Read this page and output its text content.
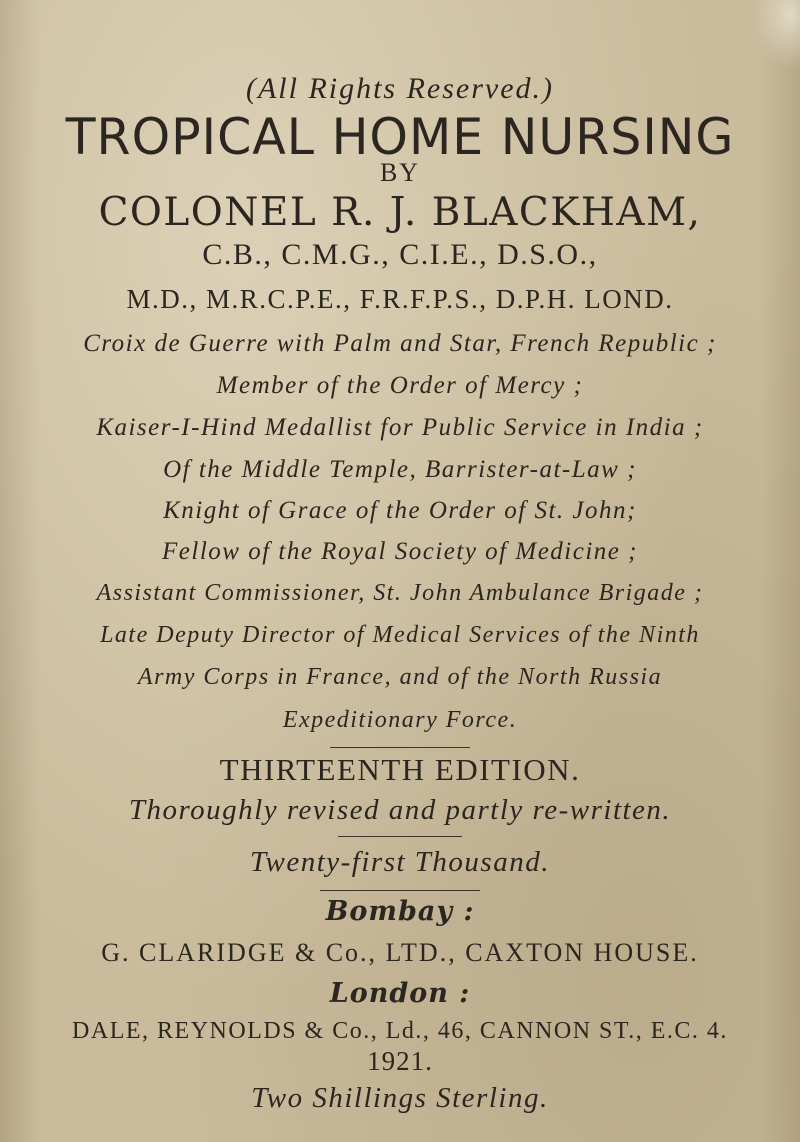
(All Rights Reserved.)
TROPICAL HOME NURSING
BY
COLONEL R. J. BLACKHAM,
C.B., C.M.G., C.I.E., D.S.O.,
M.D., M.R.C.P.E., F.R.F.P.S., D.P.H. LOND.
Croix de Guerre with Palm and Star, French Republic ;
Member of the Order of Mercy ;
Kaiser-I-Hind Medallist for Public Service in India ;
Of the Middle Temple, Barrister-at-Law ;
Knight of Grace of the Order of St. John;
Fellow of the Royal Society of Medicine ;
Assistant Commissioner, St. John Ambulance Brigade ;
Late Deputy Director of Medical Services of the Ninth
Army Corps in France, and of the North Russia
Expeditionary Force.
THIRTEENTH EDITION.
Thoroughly revised and partly re-written.
Twenty-first Thousand.
Bombay :
G. CLARIDGE & Co., LTD., CAXTON HOUSE.
London :
DALE, REYNOLDS & Co., Ld., 46, CANNON ST., E.C. 4.
1921.
Two Shillings Sterling.
